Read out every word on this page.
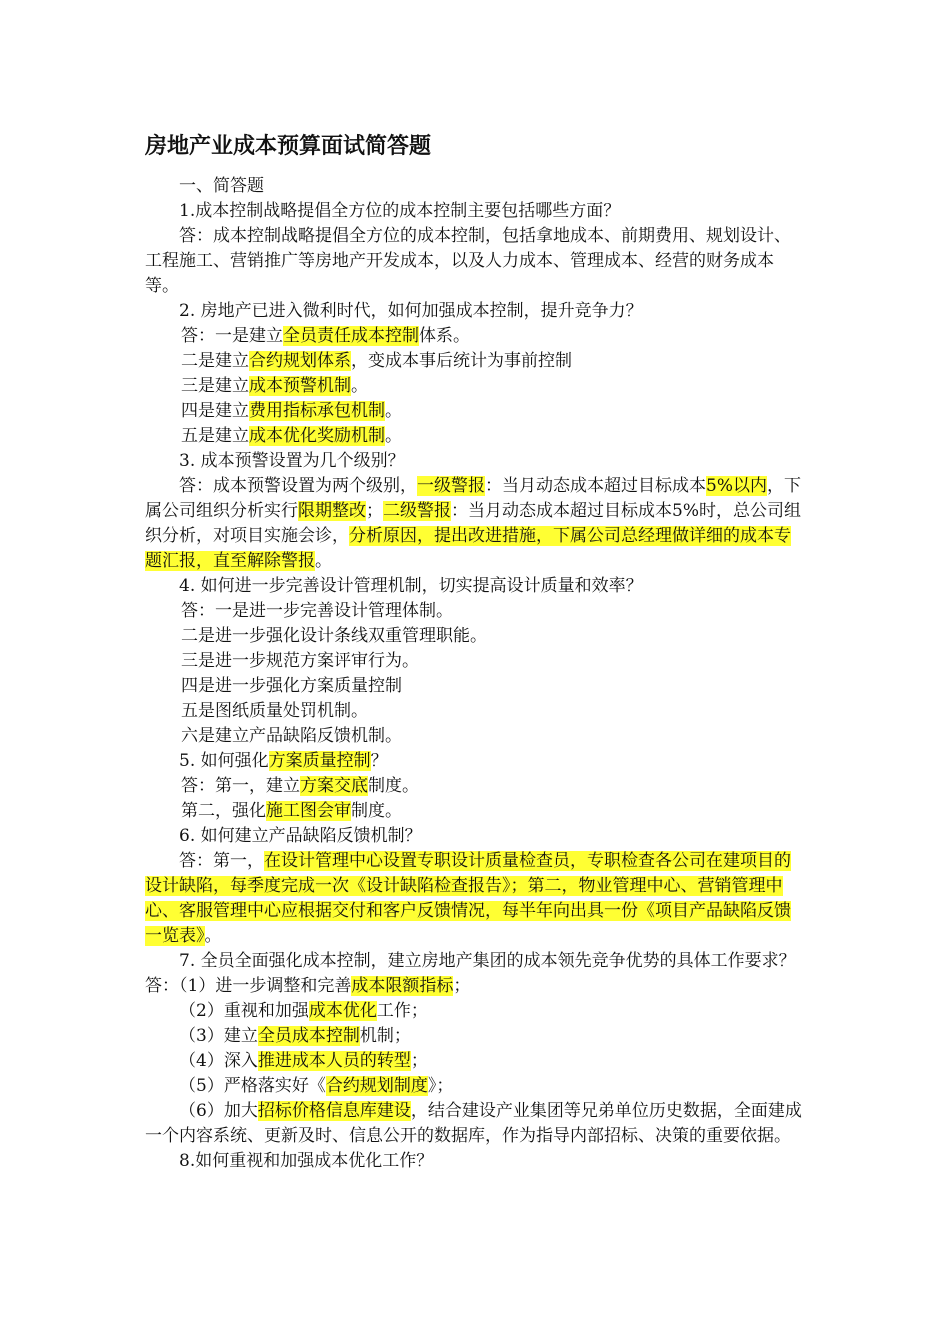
房地产业成本预算面试简答题

一、简答题

1.成本控制战略提倡全方位的成本控制主要包括哪些方面？

答：成本控制战略提倡全方位的成本控制，包括拿地成本、前期费用、规划设计、工程施工、营销推广等房地产开发成本，以及人力成本、管理成本、经营的财务成本等。

2. 房地产已进入微利时代，如何加强成本控制，提升竞争力？

答：一是建立全员责任成本控制体系。

二是建立合约规划体系，变成本事后统计为事前控制

三是建立成本预警机制。

四是建立费用指标承包机制。

五是建立成本优化奖励机制。

3. 成本预警设置为几个级别？

答：成本预警设置为两个级别，一级警报：当月动态成本超过目标成本5%以内，下属公司组织分析实行限期整改；二级警报：当月动态成本超过目标成本5%时，总公司组织分析，对项目实施会诊，分析原因，提出改进措施，下属公司总经理做详细的成本专题汇报，直至解除警报。

4. 如何进一步完善设计管理机制，切实提高设计质量和效率？

答：一是进一步完善设计管理体制。

二是进一步强化设计条线双重管理职能。

三是进一步规范方案评审行为。

四是进一步强化方案质量控制

五是图纸质量处罚机制。

六是建立产品缺陷反馈机制。

5. 如何强化方案质量控制？

答：第一，建立方案交底制度。

第二，强化施工图会审制度。

6. 如何建立产品缺陷反馈机制？

答：第一，在设计管理中心设置专职设计质量检查员，专职检查各公司在建项目的设计缺陷，每季度完成一次《设计缺陷检查报告》；第二，物业管理中心、营销管理中心、客服管理中心应根据交付和客户反馈情况，每半年向出具一份《项目产品缺陷反馈一览表》。

7. 全员全面强化成本控制，建立房地产集团的成本领先竞争优势的具体工作要求？ 答：（1）进一步调整和完善成本限额指标；

（2）重视和加强成本优化工作；

（3）建立全员成本控制机制；

（4）深入推进成本人员的转型；

（5）严格落实好《合约规划制度》；

（6）加大招标价格信息库建设，结合建设产业集团等兄弟单位历史数据，全面建成一个内容系统、更新及时、信息公开的数据库，作为指导内部招标、决策的重要依据。

8.如何重视和加强成本优化工作？
